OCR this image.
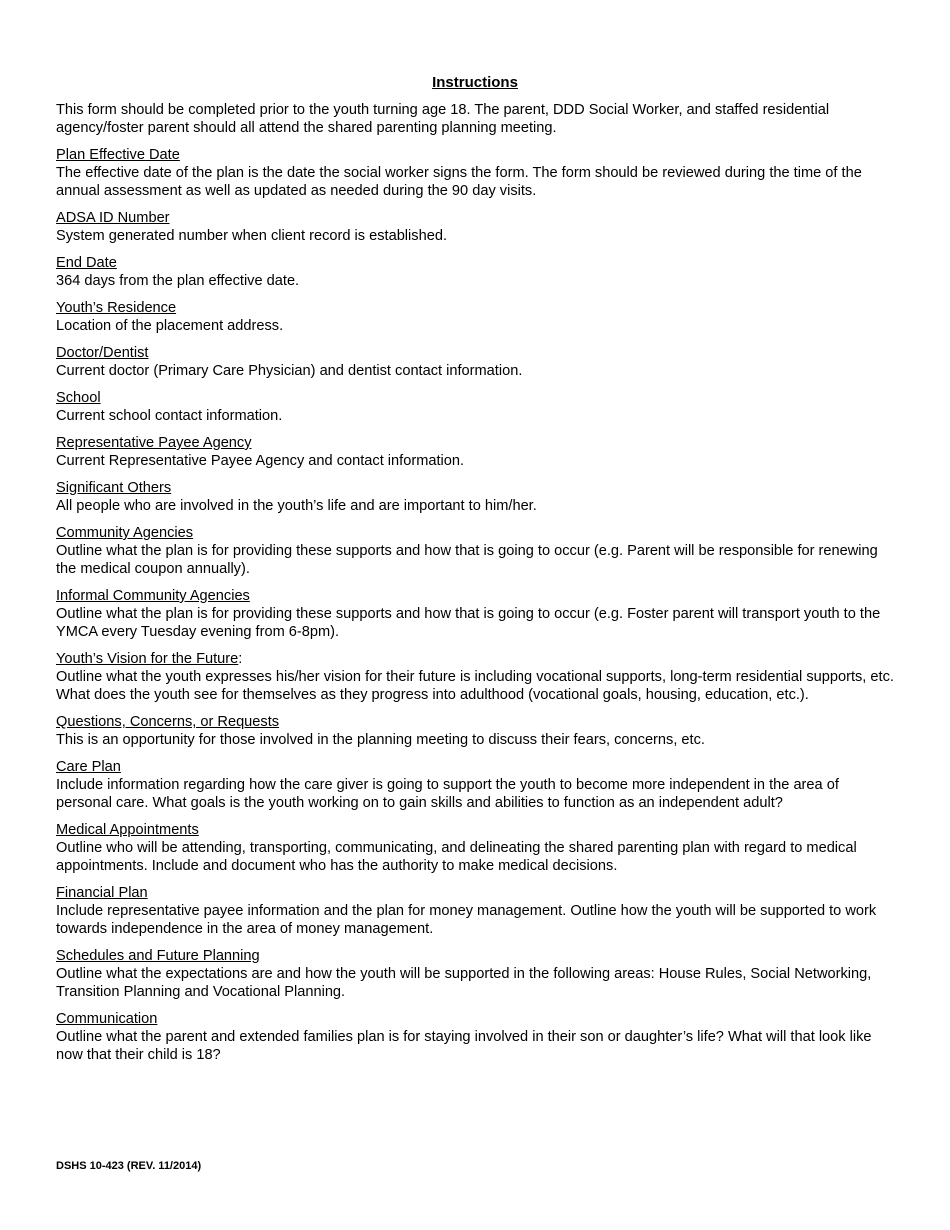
Instructions

This form should be completed prior to the youth turning age 18. The parent, DDD Social Worker, and staffed residential agency/foster parent should all attend the shared parenting planning meeting.

Plan Effective Date
The effective date of the plan is the date the social worker signs the form. The form should be reviewed during the time of the annual assessment as well as updated as needed during the 90 day visits.
ADSA ID Number
System generated number when client record is established.
End Date
364 days from the plan effective date.
Youth’s Residence
Location of the placement address.
Doctor/Dentist
Current doctor (Primary Care Physician) and dentist contact information.
School
Current school contact information.
Representative Payee Agency
Current Representative Payee Agency and contact information.
Significant Others
All people who are involved in the youth’s life and are important to him/her.
Community Agencies
Outline what the plan is for providing these supports and how that is going to occur (e.g. Parent will be responsible for renewing the medical coupon annually).
Informal Community Agencies
Outline what the plan is for providing these supports and how that is going to occur (e.g. Foster parent will transport youth to the YMCA every Tuesday evening from 6-8pm).
Youth’s Vision for the Future:
Outline what the youth expresses his/her vision for their future is including vocational supports, long-term residential supports, etc. What does the youth see for themselves as they progress into adulthood (vocational goals, housing, education, etc.).
Questions, Concerns, or Requests
This is an opportunity for those involved in the planning meeting to discuss their fears, concerns, etc.
Care Plan
Include information regarding how the care giver is going to support the youth to become more independent in the area of personal care. What goals is the youth working on to gain skills and abilities to function as an independent adult?
Medical Appointments
Outline who will be attending, transporting, communicating, and delineating the shared parenting plan with regard to medical appointments. Include and document who has the authority to make medical decisions.
Financial Plan
Include representative payee information and the plan for money management. Outline how the youth will be supported to work towards independence in the area of money management.
Schedules and Future Planning
Outline what the expectations are and how the youth will be supported in the following areas: House Rules, Social Networking, Transition Planning and Vocational Planning.
Communication
Outline what the parent and extended families plan is for staying involved in their son or daughter’s life? What will that look like now that their child is 18?
DSHS 10-423 (REV. 11/2014)
